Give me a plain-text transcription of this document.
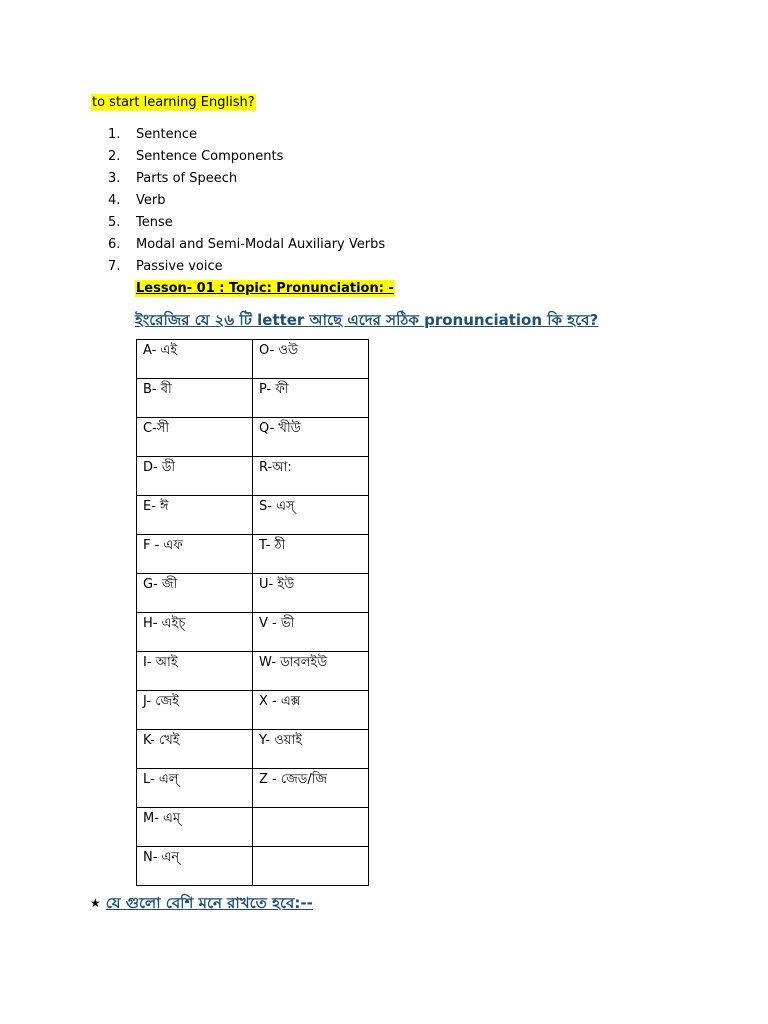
to start learning English?
1. Sentence
2. Sentence Components
3. Parts of Speech
4. Verb
5. Tense
6. Modal and Semi-Modal Auxiliary Verbs
7. Passive voice
Lesson- 01 : Topic: Pronunciation: -
ইংরেজির যে ২৬ টি letter আছে এদের সঠিক pronunciation কি হবে?
A- এই	O- ওউ
B- বী	P- ফী
C-সী	Q- খীউ
D- ডী	R-আ:
E- ঈ	S- এস্
F - এফ	T- ঠী
G- জী	U- ইউ
H- এইচ্	V - ভী
I- আই	W- ডাবলইউ
J- জেই	X - এক্স
K- খেই	Y- ওয়াই
L- এল্	Z - জেড/জি
M- এম্	
N- এন্	
★ যে গুলো বেশি মনে রাখতে হবে:--
